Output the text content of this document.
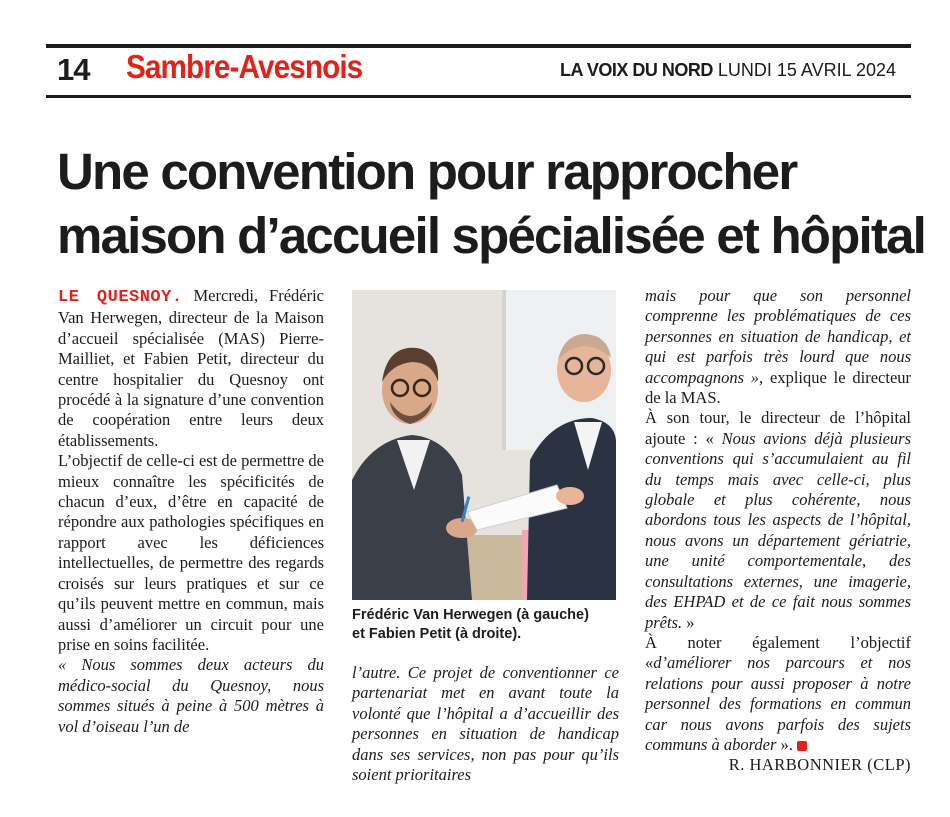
14 Sambre-Avesnois	LA VOIX DU NORD LUNDI 15 AVRIL 2024
Une convention pour rapprocher
maison d’accueil spécialisée et hôpital

LE QUESNOY. Mercredi, Frédéric Van Herwegen, directeur de la Maison d’accueil spécialisée (MAS) Pierre-Mailliet, et Fabien Petit, directeur du centre hospitalier du Quesnoy ont procédé à la signature d’une convention de coopération entre leurs deux établissements.

L’objectif de celle-ci est de permettre de mieux connaître les spécificités de chacun d’eux, d’être en capacité de répondre aux pathologies spécifiques en rapport avec les déficiences intellectuelles, de permettre des regards croisés sur leurs pratiques et sur ce qu’ils peuvent mettre en commun, mais aussi d’améliorer un circuit pour une prise en soins facilitée.

« Nous sommes deux acteurs du médico-social du Quesnoy, nous sommes situés à peine à 500 mètres à vol d’oiseau l’un de

Frédéric Van Herwegen (à gauche)
et Fabien Petit (à droite).

l’autre. Ce projet de conventionner ce partenariat met en avant toute la volonté que l’hôpital a d’accueillir des personnes en situation de handicap dans ses services, non pas pour qu’ils soient prioritaires

mais pour que son personnel comprenne les problématiques de ces personnes en situation de handicap, et qui est parfois très lourd que nous accompagnons », explique le directeur de la MAS.

À son tour, le directeur de l’hôpital ajoute : « Nous avions déjà plusieurs conventions qui s’accumulaient au fil du temps mais avec celle-ci, plus globale et plus cohérente, nous abordons tous les aspects de l’hôpital, nous avons un département gériatrie, une unité comportementale, des consultations externes, une imagerie, des EHPAD et de ce fait nous sommes prêts. »

À noter également l’objectif «d’améliorer nos parcours et nos relations pour aussi proposer à notre personnel des formations en commun car nous avons parfois des sujets communs à aborder ».

R. HARBONNIER (CLP)
